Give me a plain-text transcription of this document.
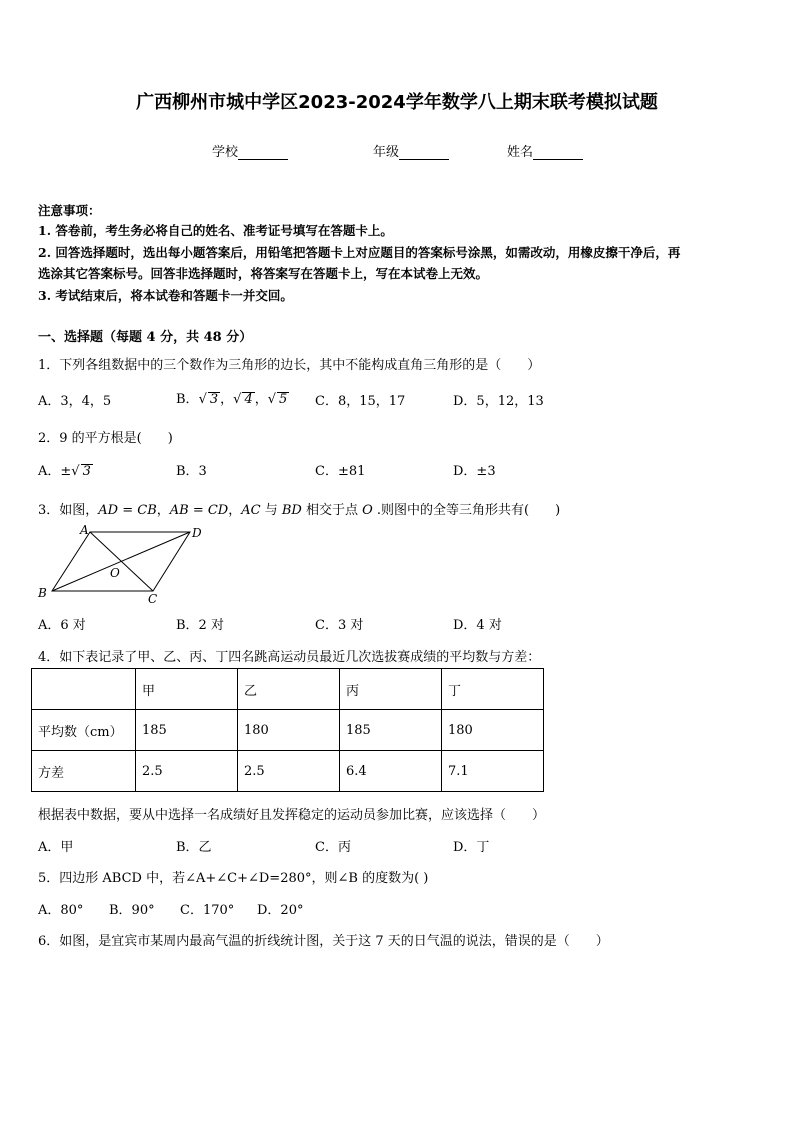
广西柳州市城中学区2023-2024学年数学八上期末联考模拟试题
学校	年级	姓名
注意事项：
1. 答卷前，考生务必将自己的姓名、准考证号填写在答题卡上。
2. 回答选择题时，选出每小题答案后，用铅笔把答题卡上对应题目的答案标号涂黑，如需改动，用橡皮擦干净后，再
选涂其它答案标号。回答非选择题时，将答案写在答题卡上，写在本试卷上无效。
3. 考试结束后，将本试卷和答题卡一并交回。
一、选择题（每题 4 分，共 48 分）
1．下列各组数据中的三个数作为三角形的边长，其中不能构成直角三角形的是（　　）
A．3，4，5	B．√ 3 ，√ 4 ，√ 5 C．8，15，17	D．5，12，13
2．9 的平方根是(　　)
A．±√ 3	B．3	C．±81	D．±3
3．如图，AD = CB，AB = CD，AC 与 BD 相交于点 O .则图中的全等三角形共有(　　)
A	D
B	C
O
A．6 对	B．2 对	C．3 对	D．4 对
4．如下表记录了甲、乙、丙、丁四名跳高运动员最近几次选拔赛成绩的平均数与方差：
	甲	乙	丙	丁
平均数（cm）	185	180	185	180
方差	2.5	2.5	6.4	7.1
根据表中数据，要从中选择一名成绩好且发挥稳定的运动员参加比赛，应该选择（　　）
A．甲	B．乙	C．丙	D．丁
5．四边形 ABCD 中，若∠A+∠C+∠D=280°，则∠B 的度数为( )
A．80° B．90° C．170° D．20°
6．如图，是宜宾市某周内最高气温的折线统计图，关于这 7 天的日气温的说法，错误的是（　　）
